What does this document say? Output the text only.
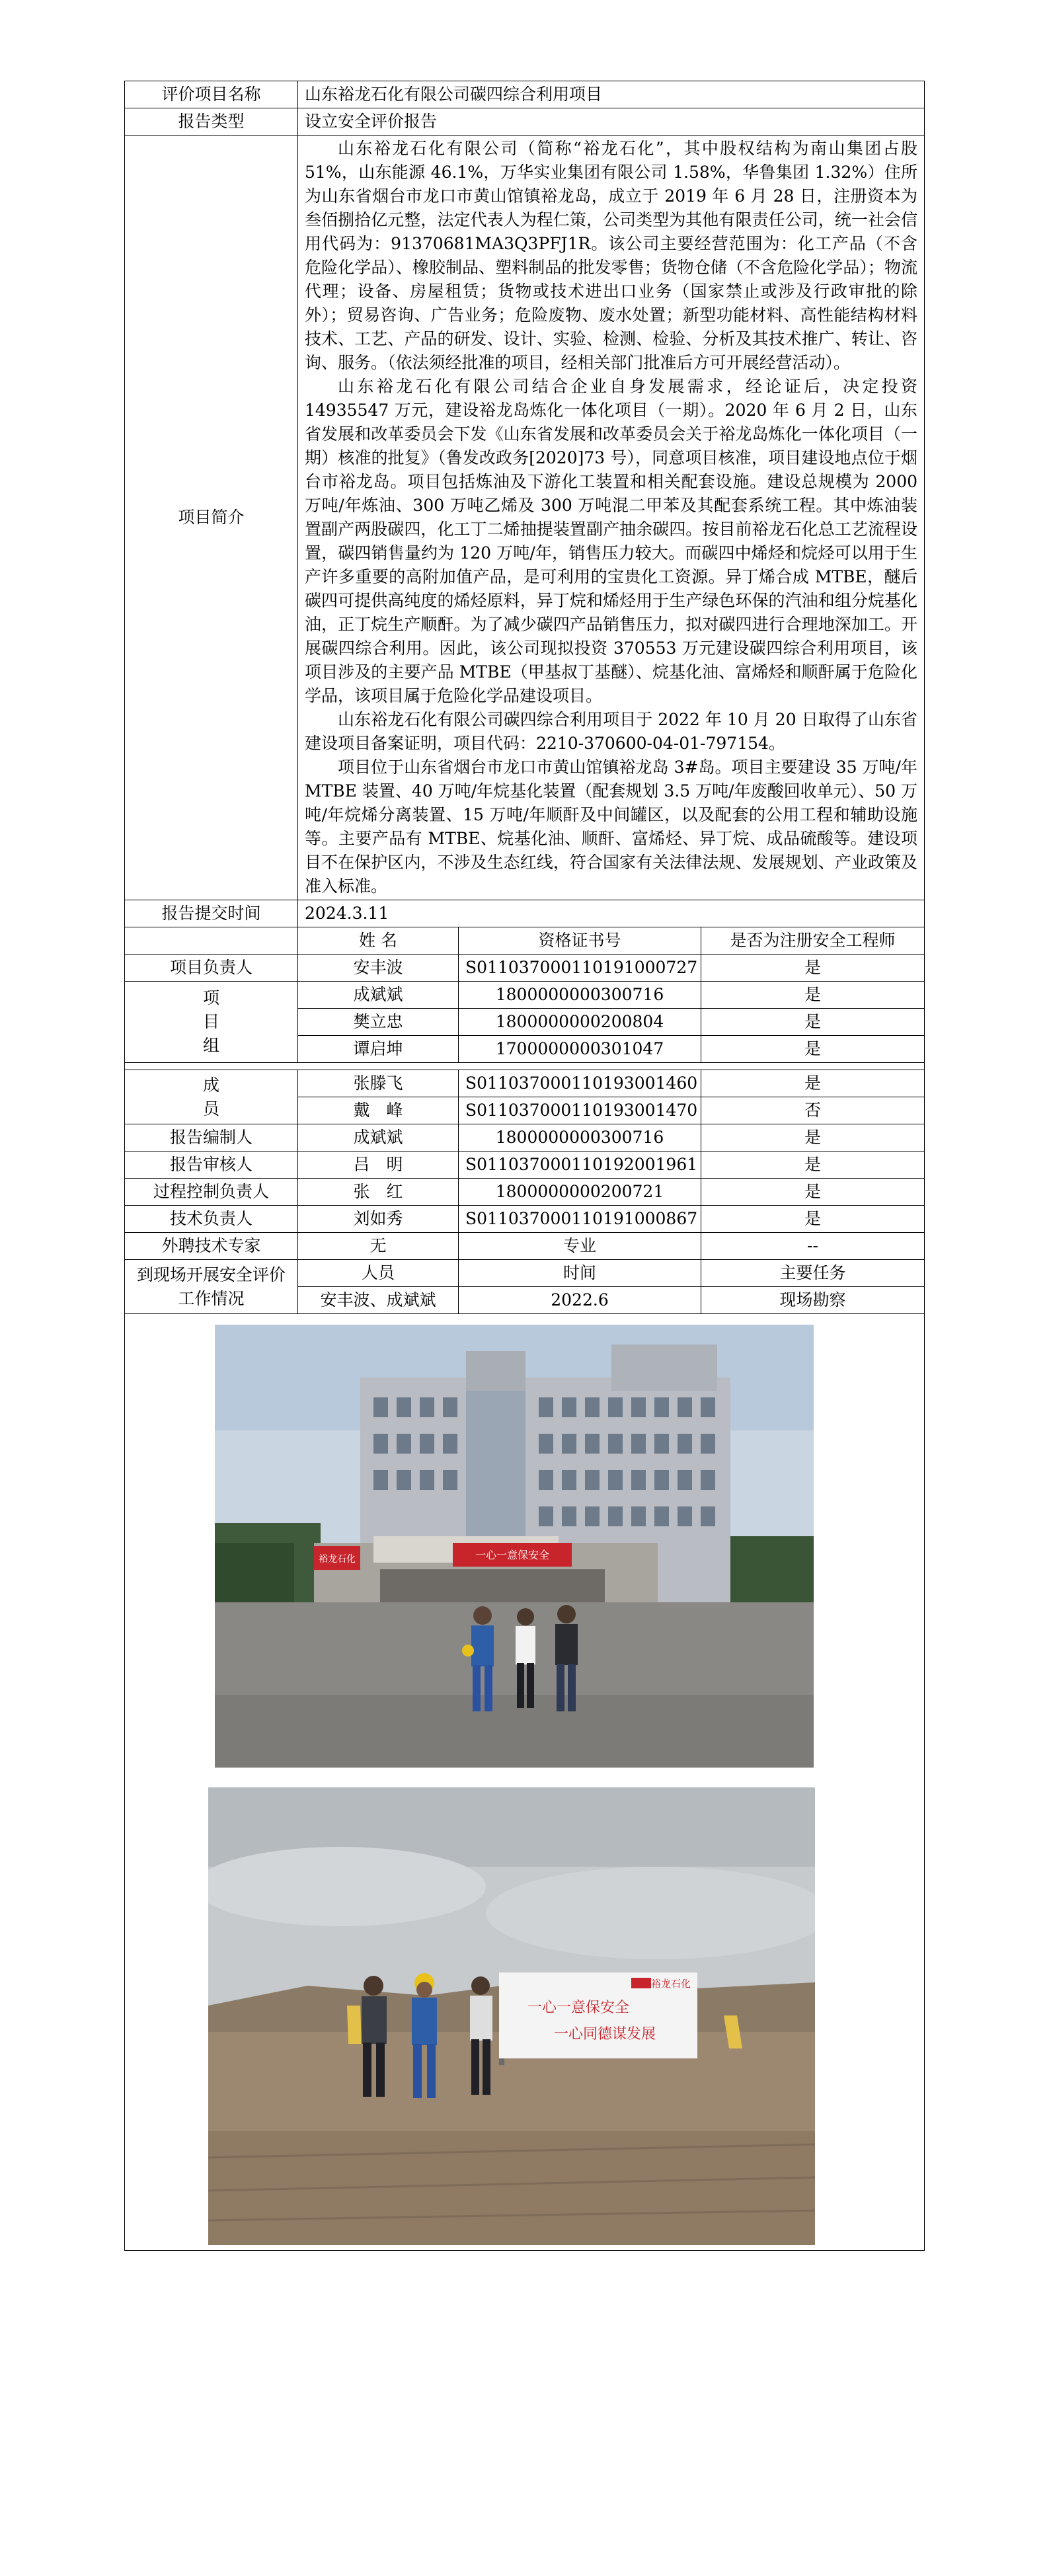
评价项目名称	山东裕龙石化有限公司碳四综合利用项目		
报告类型	设立安全评价报告		
项目简介	山东裕龙石化有限公司（简称“裕龙石化”，其中股权结构为南山集团占股 51%，山东能源 46.1%，万华实业集团有限公司 1.58%，华鲁集团 1.32%）住所为山东省烟台市龙口市黄山馆镇裕龙岛，成立于 2019 年 6 月 28 日，注册资本为叁佰捌拾亿元整，法定代表人为程仁策，公司类型为其他有限责任公司，统一社会信用代码为：91370681MA3Q3PFJ1R。该公司主要经营范围为：化工产品（不含危险化学品）、橡胶制品、塑料制品的批发零售；货物仓储（不含危险化学品）；物流代理；设备、房屋租赁；货物或技术进出口业务（国家禁止或涉及行政审批的除外）；贸易咨询、广告业务；危险废物、废水处置；新型功能材料、高性能结构材料技术、工艺、产品的研发、设计、实验、检测、检验、分析及其技术推广、转让、咨询、服务。（依法须经批准的项目，经相关部门批准后方可开展经营活动）。

山东裕龙石化有限公司结合企业自身发展需求，经论证后，决定投资 14935547 万元，建设裕龙岛炼化一体化项目（一期）。2020 年 6 月 2 日，山东省发展和改革委员会下发《山东省发展和改革委员会关于裕龙岛炼化一体化项目（一期）核准的批复》（鲁发改政务[2020]73 号），同意项目核准，项目建设地点位于烟台市裕龙岛。项目包括炼油及下游化工装置和相关配套设施。建设总规模为 2000 万吨/年炼油、300 万吨乙烯及 300 万吨混二甲苯及其配套系统工程。其中炼油装置副产两股碳四，化工丁二烯抽提装置副产抽余碳四。按目前裕龙石化总工艺流程设置，碳四销售量约为 120 万吨/年，销售压力较大。而碳四中烯烃和烷烃可以用于生产许多重要的高附加值产品，是可利用的宝贵化工资源。异丁烯合成 MTBE，醚后碳四可提供高纯度的烯烃原料，异丁烷和烯烃用于生产绿色环保的汽油和组分烷基化油，正丁烷生产顺酐。为了减少碳四产品销售压力，拟对碳四进行合理地深加工。开展碳四综合利用。因此，该公司现拟投资 370553 万元建设碳四综合利用项目，该项目涉及的主要产品 MTBE（甲基叔丁基醚）、烷基化油、富烯烃和顺酐属于危险化学品，该项目属于危险化学品建设项目。

山东裕龙石化有限公司碳四综合利用项目于 2022 年 10 月 20 日取得了山东省建设项目备案证明，项目代码：2210-370600-04-01-797154。

项目位于山东省烟台市龙口市黄山馆镇裕龙岛 3#岛。项目主要建设 35 万吨/年 MTBE 装置、40 万吨/年烷基化装置（配套规划 3.5 万吨/年废酸回收单元）、50 万吨/年烷烯分离装置、15 万吨/年顺酐及中间罐区，以及配套的公用工程和辅助设施等。主要产品有 MTBE、烷基化油、顺酐、富烯烃、异丁烷、成品硫酸等。建设项目不在保护区内，不涉及生态红线，符合国家有关法律法规、发展规划、产业政策及准入标准。		

报告提交时间	2024.3.11		
	姓 名	资格证书号	是否为注册安全工程师
项目负责人	安丰波	S011037000110191000727	是

项
目
组	成斌斌	1800000000300716	是
	樊立忠	1800000000200804	是
	谭启坤	1700000000301047	是

成
员	张滕飞	S011037000110193001460	是
	戴　峰	S011037000110193001470	否
报告编制人	成斌斌	1800000000300716	是
报告审核人	吕　明	S011037000110192001961	是
过程控制负责人	张　红	1800000000200721	是
技术负责人	刘如秀	S011037000110191000867	是
外聘技术专家	无	专业	--
到现场开展安全评价工作情况	人员	时间	主要任务
	安丰波、成斌斌	2022.6	现场勘察

裕龙石化 一心一意保安全
裕龙石化
一心一意保安全
一心同德谋发展			
